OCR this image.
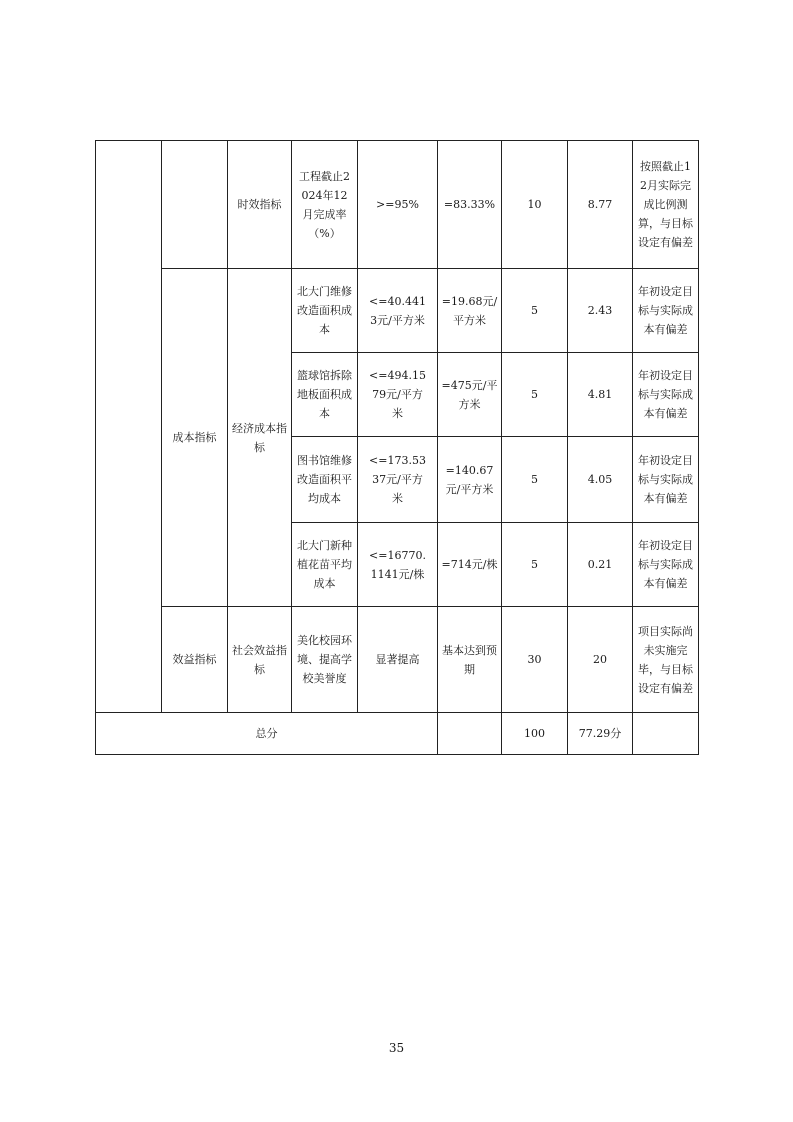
		时效指标	工程截止2024年12月完成率（%）	>=95%	=83.33%	10	8.77	按照截止12月实际完成比例测算，与目标设定有偏差

	成本指标	经济成本指标	北大门维修改造面积成本	<=40.4413元/平方米	=19.68元/平方米	5	2.43	年初设定目标与实际成本有偏差

			篮球馆拆除地板面积成本	<=494.1579元/平方米	=475元/平方米	5	4.81	年初设定目标与实际成本有偏差

			图书馆维修改造面积平均成本	<=173.5337元/平方米	=140.67元/平方米	5	4.05	年初设定目标与实际成本有偏差

			北大门新种植花苗平均成本	<=16770.1141元/株	=714元/株	5	0.21	年初设定目标与实际成本有偏差

	效益指标	社会效益指标	美化校园环境、提高学校美誉度	显著提高	基本达到预期	30	20	项目实际尚未实施完毕，与目标设定有偏差

总分						100	77.29分	
35
